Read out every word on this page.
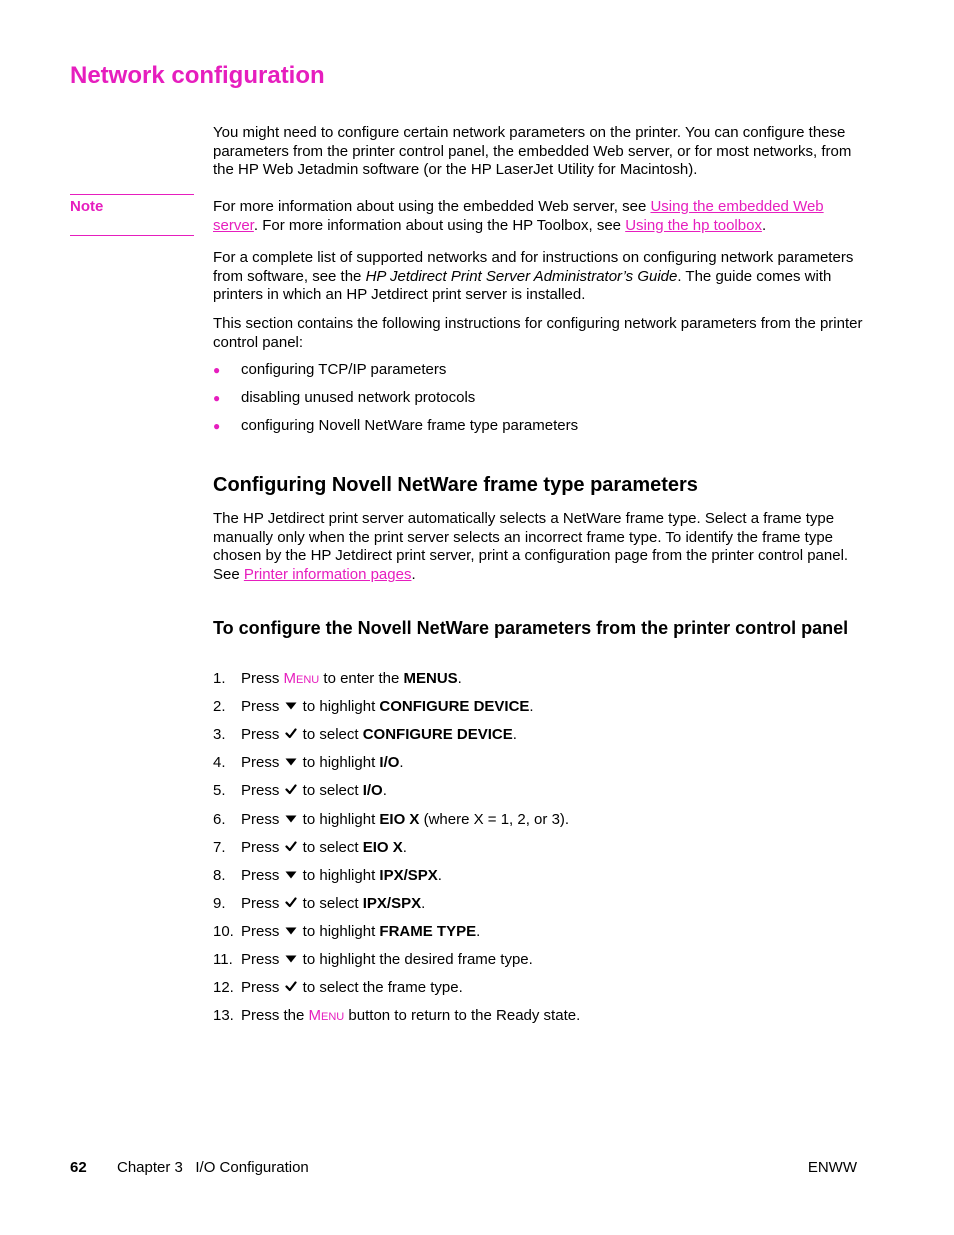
Network configuration

You might need to configure certain network parameters on the printer. You can configure these parameters from the printer control panel, the embedded Web server, or for most networks, from the HP Web Jetadmin software (or the HP LaserJet Utility for Macintosh).

Note	For more information about using the embedded Web server, see Using the embedded Web server. For more information about using the HP Toolbox, see Using the hp toolbox.

For a complete list of supported networks and for instructions on configuring network parameters from software, see the HP Jetdirect Print Server Administrator’s Guide. The guide comes with printers in which an HP Jetdirect print server is installed.

This section contains the following instructions for configuring network parameters from the printer control panel:

● configuring TCP/IP parameters
● disabling unused network protocols
● configuring Novell NetWare frame type parameters
Configuring Novell NetWare frame type parameters

The HP Jetdirect print server automatically selects a NetWare frame type. Select a frame type manually only when the print server selects an incorrect frame type. To identify the frame type chosen by the HP Jetdirect print server, print a configuration page from the printer control panel. See Printer information pages.

To configure the Novell NetWare parameters from the printer control panel
1. Press Menu to enter the MENUS.
2. Press  to highlight CONFIGURE DEVICE.
3. Press  to select CONFIGURE DEVICE.
4. Press  to highlight I/O.
5. Press  to select I/O.
6. Press  to highlight EIO X (where X = 1, 2, or 3).
7. Press  to select EIO X.
8. Press  to highlight IPX/SPX.
9. Press  to select IPX/SPX.
10. Press  to highlight FRAME TYPE.
11. Press  to highlight the desired frame type.
12. Press  to select the frame type.
13. Press the Menu button to return to the Ready state.
62 Chapter 3   I/O Configuration	ENWW
